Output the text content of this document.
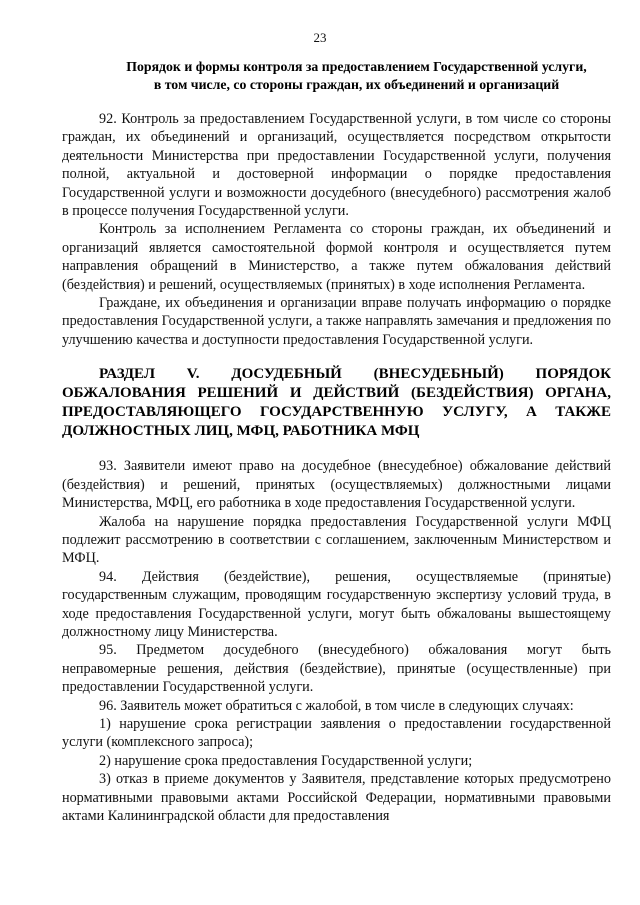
23
Порядок и формы контроля за предоставлением Государственной услуги,
в том числе, со стороны граждан, их объединений и организаций

92. Контроль за предоставлением Государственной услуги, в том числе со стороны граждан, их объединений и организаций, осуществляется посредством открытости деятельности Министерства при предоставлении Государственной услуги, получения полной, актуальной и достоверной информации о порядке предоставления Государственной услуги и возможности досудебного (внесудебного) рассмотрения жалоб в процессе получения Государственной услуги.

Контроль за исполнением Регламента со стороны граждан, их объединений и организаций является самостоятельной формой контроля и осуществляется путем направления обращений в Министерство, а также путем обжалования действий (бездействия) и решений, осуществляемых (принятых) в ходе исполнения Регламента.

Граждане, их объединения и организации вправе получать информацию о порядке предоставления Государственной услуги, а также направлять замечания и предложения по улучшению качества и доступности предоставления Государственной услуги.

РАЗДЕЛ V. ДОСУДЕБНЫЙ (ВНЕСУДЕБНЫЙ) ПОРЯДОК ОБЖАЛОВАНИЯ РЕШЕНИЙ И ДЕЙСТВИЙ (БЕЗДЕЙСТВИЯ) ОРГАНА, ПРЕДОСТАВЛЯЮЩЕГО ГОСУДАРСТВЕННУЮ УСЛУГУ, А ТАКЖЕ ДОЛЖНОСТНЫХ ЛИЦ, МФЦ, РАБОТНИКА МФЦ

93. Заявители имеют право на досудебное (внесудебное) обжалование действий (бездействия) и решений, принятых (осуществляемых) должностными лицами Министерства, МФЦ, его работника в ходе предоставления Государственной услуги.

Жалоба на нарушение порядка предоставления Государственной услуги МФЦ подлежит рассмотрению в соответствии с соглашением, заключенным Министерством и МФЦ.

94. Действия (бездействие), решения, осуществляемые (принятые) государственным служащим, проводящим государственную экспертизу условий труда, в ходе предоставления Государственной услуги, могут быть обжалованы вышестоящему должностному лицу Министерства.

95. Предметом досудебного (внесудебного) обжалования могут быть неправомерные решения, действия (бездействие), принятые (осуществленные) при предоставлении Государственной услуги.

96. Заявитель может обратиться с жалобой, в том числе в следующих случаях:

1) нарушение срока регистрации заявления о предоставлении государственной услуги (комплексного запроса);

2) нарушение срока предоставления Государственной услуги;

3) отказ в приеме документов у Заявителя, представление которых предусмотрено нормативными правовыми актами Российской Федерации, нормативными правовыми актами Калининградской области для предоставления
